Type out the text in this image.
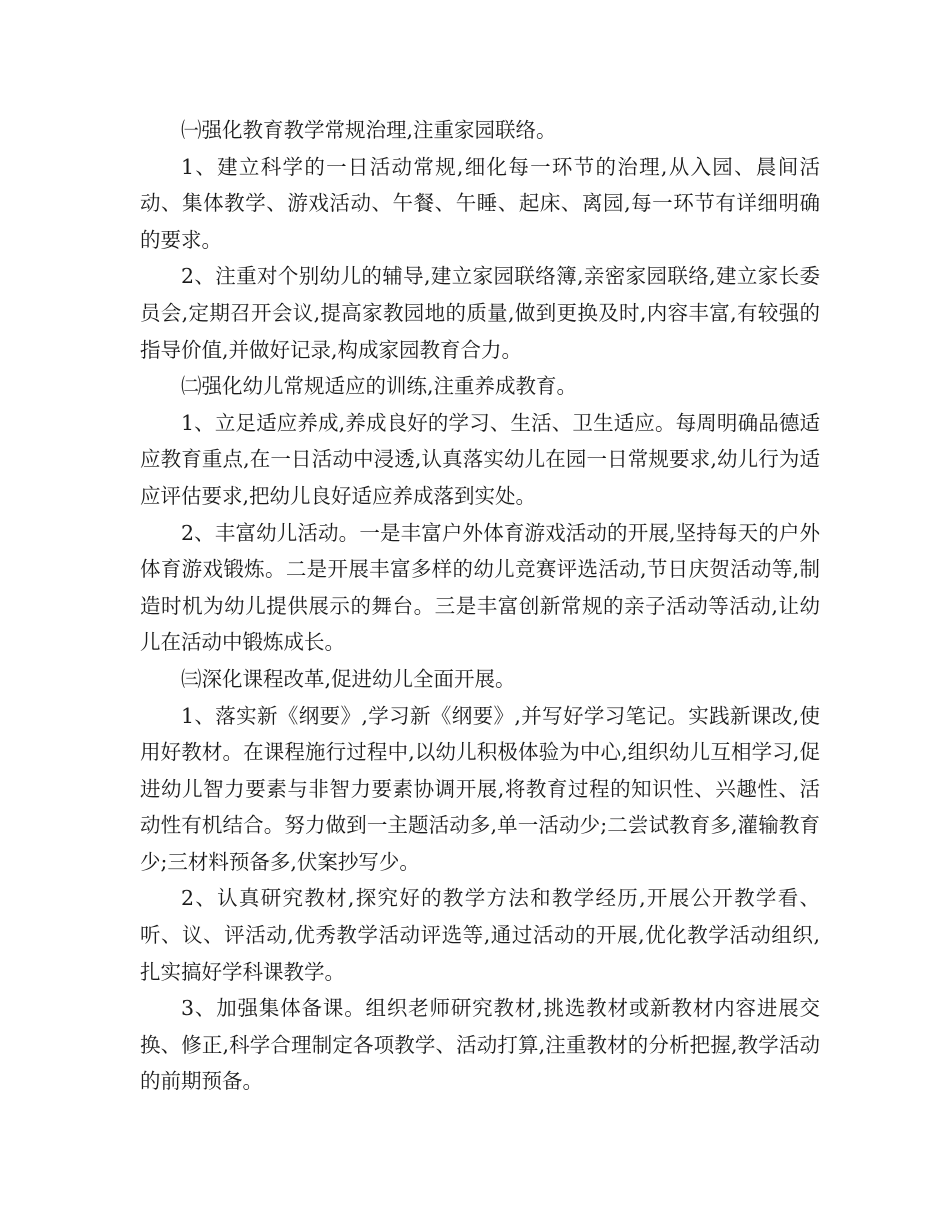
㈠强化教育教学常规治理,注重家园联络。

1、建立科学的一日活动常规,细化每一环节的治理,从入园、晨间活动、集体教学、游戏活动、午餐、午睡、起床、离园,每一环节有详细明确的要求。

2、注重对个别幼儿的辅导,建立家园联络簿,亲密家园联络,建立家长委员会,定期召开会议,提高家教园地的质量,做到更换及时,内容丰富,有较强的指导价值,并做好记录,构成家园教育合力。

㈡强化幼儿常规适应的训练,注重养成教育。

1、立足适应养成,养成良好的学习、生活、卫生适应。每周明确品德适应教育重点,在一日活动中浸透,认真落实幼儿在园一日常规要求,幼儿行为适应评估要求,把幼儿良好适应养成落到实处。

2、丰富幼儿活动。一是丰富户外体育游戏活动的开展,坚持每天的户外体育游戏锻炼。二是开展丰富多样的幼儿竞赛评选活动,节日庆贺活动等,制造时机为幼儿提供展示的舞台。三是丰富创新常规的亲子活动等活动,让幼儿在活动中锻炼成长。

㈢深化课程改革,促进幼儿全面开展。

1、落实新《纲要》,学习新《纲要》,并写好学习笔记。实践新课改,使用好教材。在课程施行过程中,以幼儿积极体验为中心,组织幼儿互相学习,促进幼儿智力要素与非智力要素协调开展,将教育过程的知识性、兴趣性、活动性有机结合。努力做到一主题活动多,单一活动少;二尝试教育多,灌输教育少;三材料预备多,伏案抄写少。

2、认真研究教材,探究好的教学方法和教学经历,开展公开教学看、听、议、评活动,优秀教学活动评选等,通过活动的开展,优化教学活动组织,扎实搞好学科课教学。

3、加强集体备课。组织老师研究教材,挑选教材或新教材内容进展交换、修正,科学合理制定各项教学、活动打算,注重教材的分析把握,教学活动的前期预备。
